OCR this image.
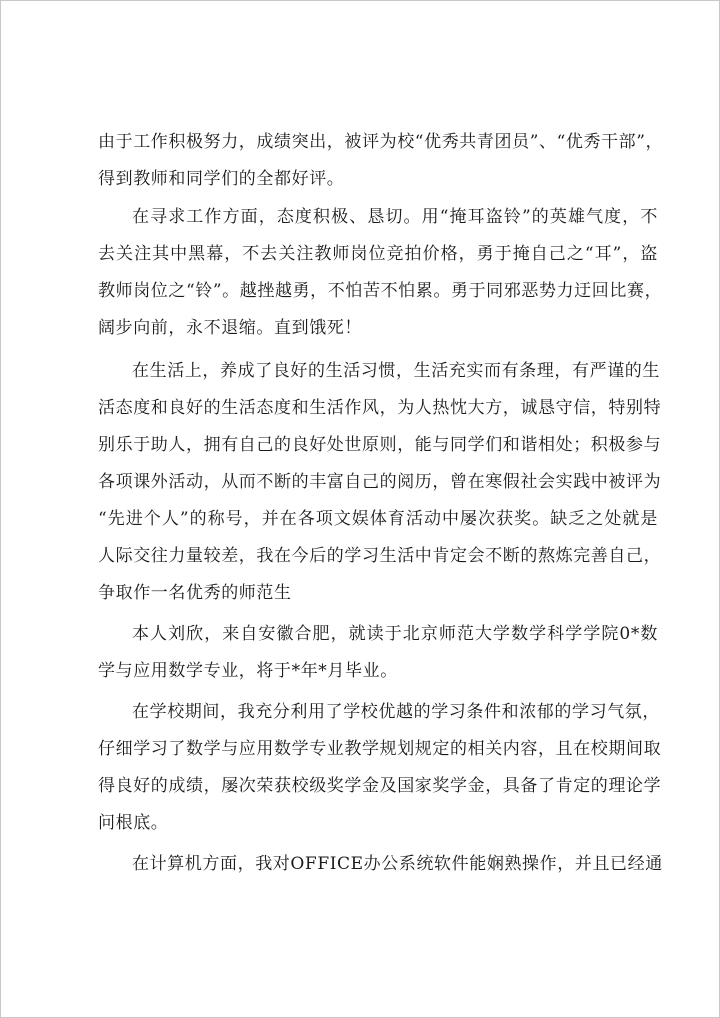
由于工作积极努力，成绩突出，被评为校“优秀共青团员”、“优秀干部”，
得到教师和同学们的全都好评。
在寻求工作方面，态度积极、恳切。用“掩耳盗铃”的英雄气度，不
去关注其中黑幕，不去关注教师岗位竞拍价格，勇于掩自己之“耳”，盗
教师岗位之“铃”。越挫越勇，不怕苦不怕累。勇于同邪恶势力迂回比赛，
阔步向前，永不退缩。直到饿死！
在生活上，养成了良好的生活习惯，生活充实而有条理，有严谨的生
活态度和良好的生活态度和生活作风，为人热忱大方，诚恳守信，特别特
别乐于助人，拥有自己的良好处世原则，能与同学们和谐相处；积极参与
各项课外活动，从而不断的丰富自己的阅历，曾在寒假社会实践中被评为
“先进个人”的称号，并在各项文娱体育活动中屡次获奖。缺乏之处就是
人际交往力量较差，我在今后的学习生活中肯定会不断的熬炼完善自己，
争取作一名优秀的师范生
本人刘欣，来自安徽合肥，就读于北京师范大学数学科学学院0*数
学与应用数学专业，将于*年*月毕业。
在学校期间，我充分利用了学校优越的学习条件和浓郁的学习气氛，
仔细学习了数学与应用数学专业教学规划规定的相关内容，且在校期间取
得良好的成绩，屡次荣获校级奖学金及国家奖学金，具备了肯定的理论学
问根底。
在计算机方面，我对OFFICE办公系统软件能娴熟操作，并且已经通
